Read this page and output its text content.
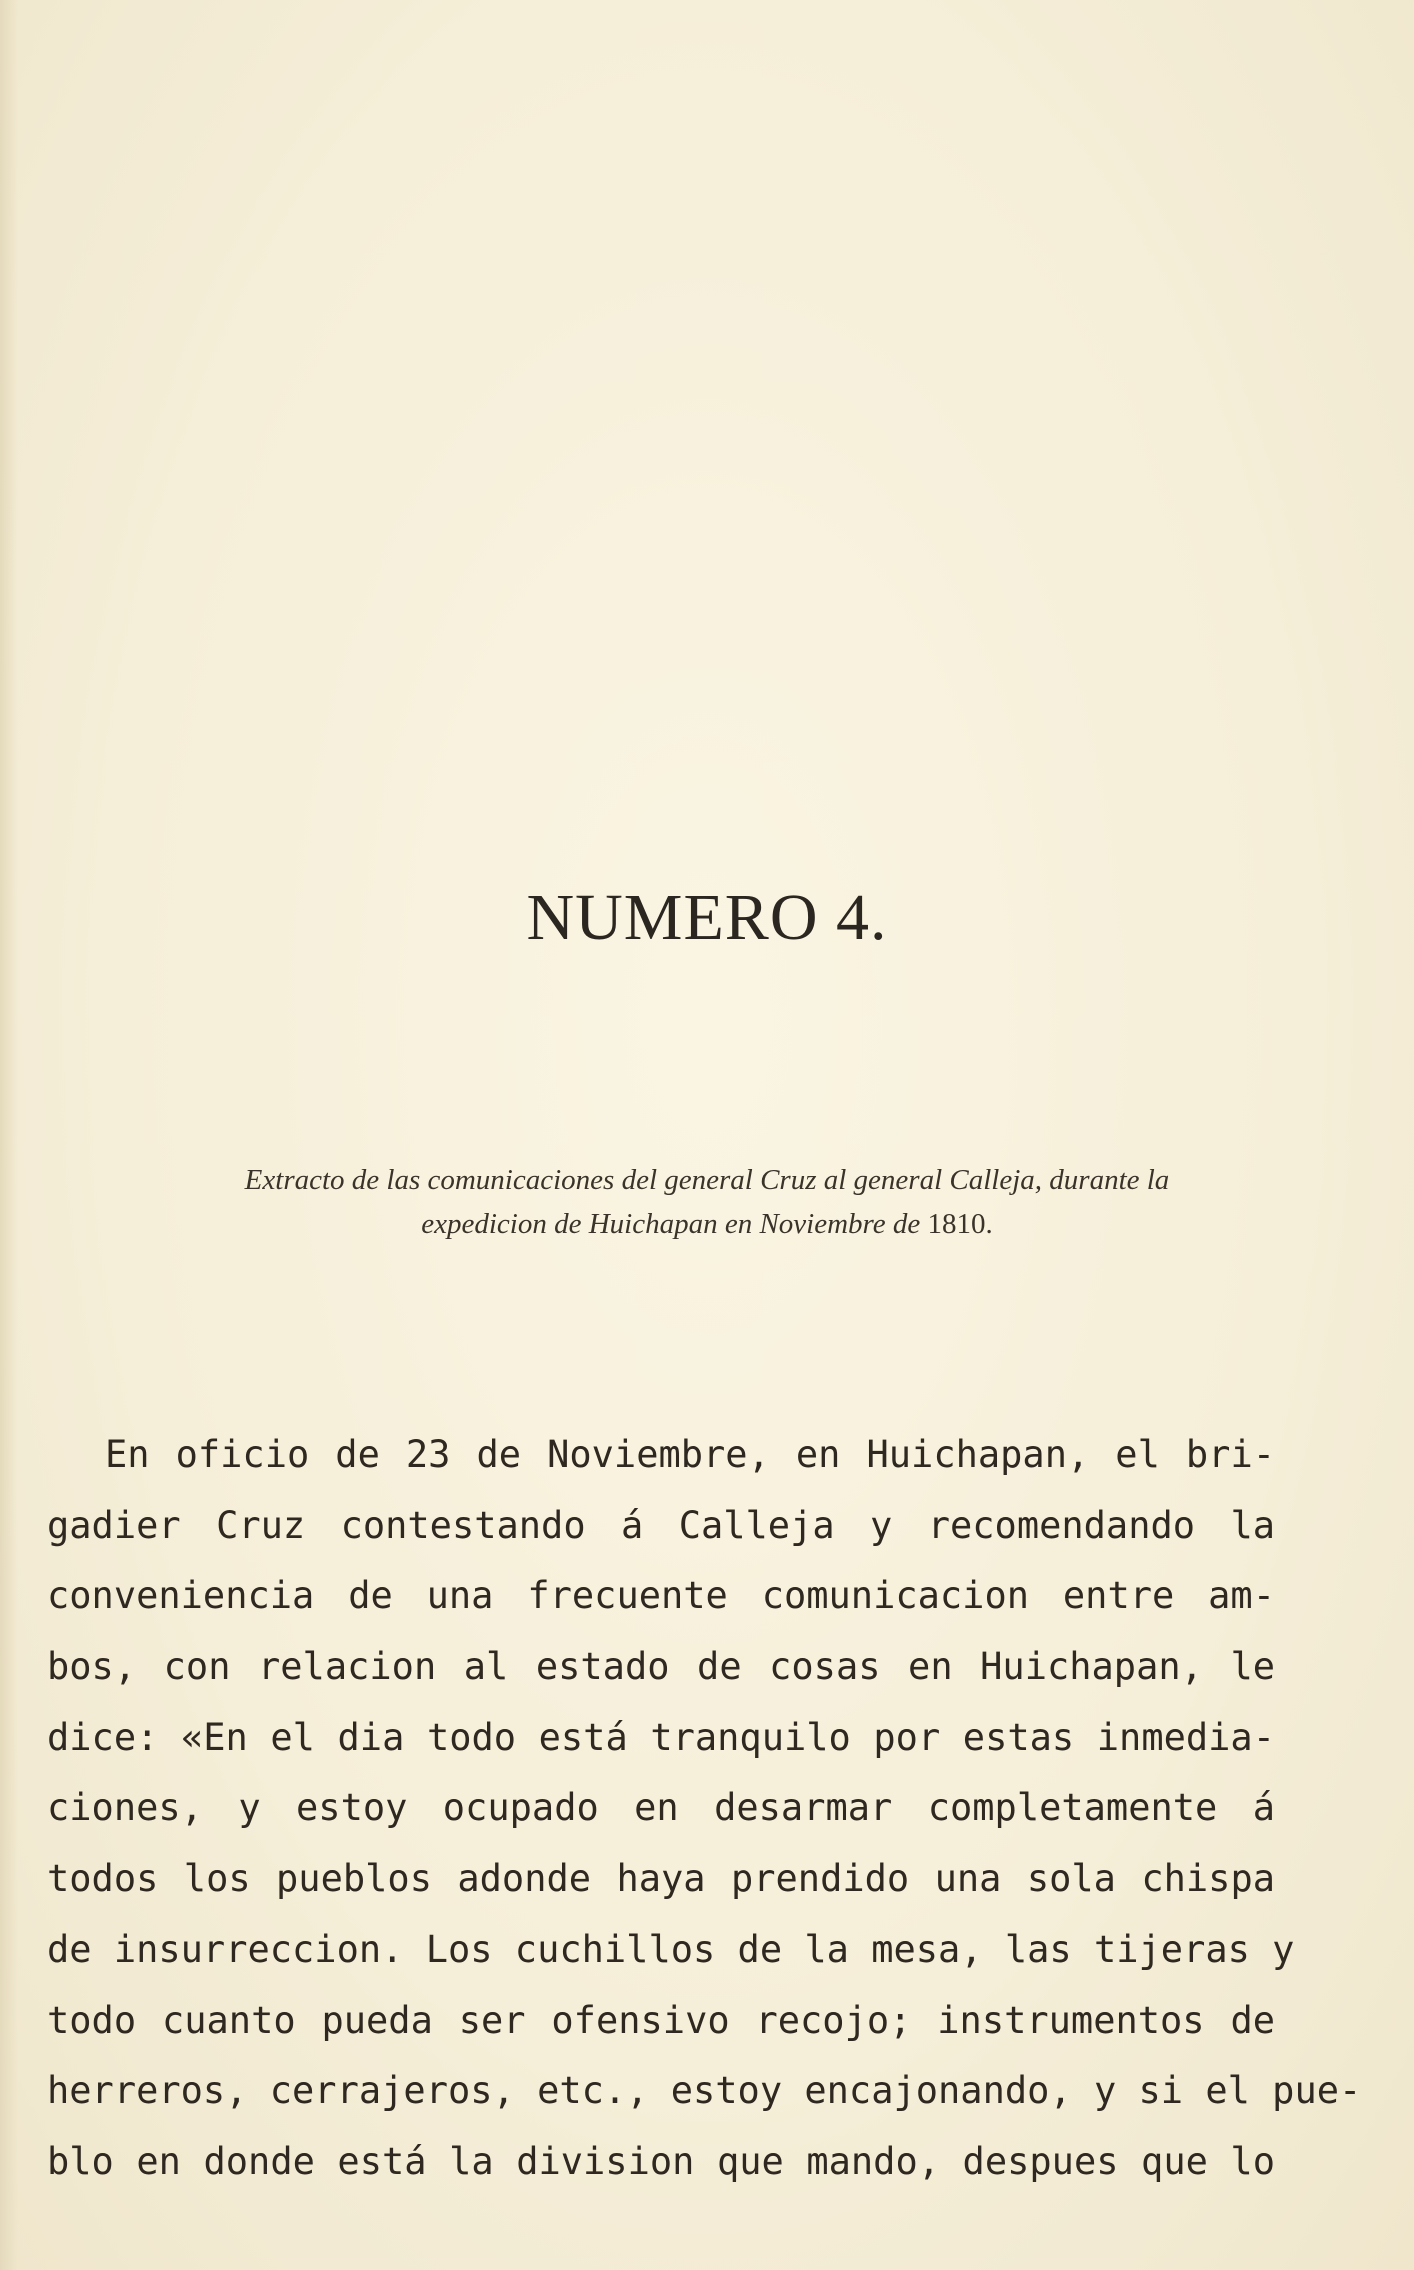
NUMERO 4.
Extracto de las comunicaciones del general Cruz al general Calleja, durante la
expedicion de Huichapan en Noviembre de 1810.
En oficio de 23 de Noviembre, en Huichapan, el bri-
gadier Cruz contestando á Calleja y recomendando la
conveniencia de una frecuente comunicacion entre am-
bos, con relacion al estado de cosas en Huichapan, le
dice: «En el dia todo está tranquilo por estas inmedia-
ciones, y estoy ocupado en desarmar completamente á
todos los pueblos adonde haya prendido una sola chispa
de insurreccion. Los cuchillos de la mesa, las tijeras y
todo cuanto pueda ser ofensivo recojo; instrumentos de
herreros, cerrajeros, etc., estoy encajonando, y si el pue-
blo en donde está la division que mando, despues que lo
